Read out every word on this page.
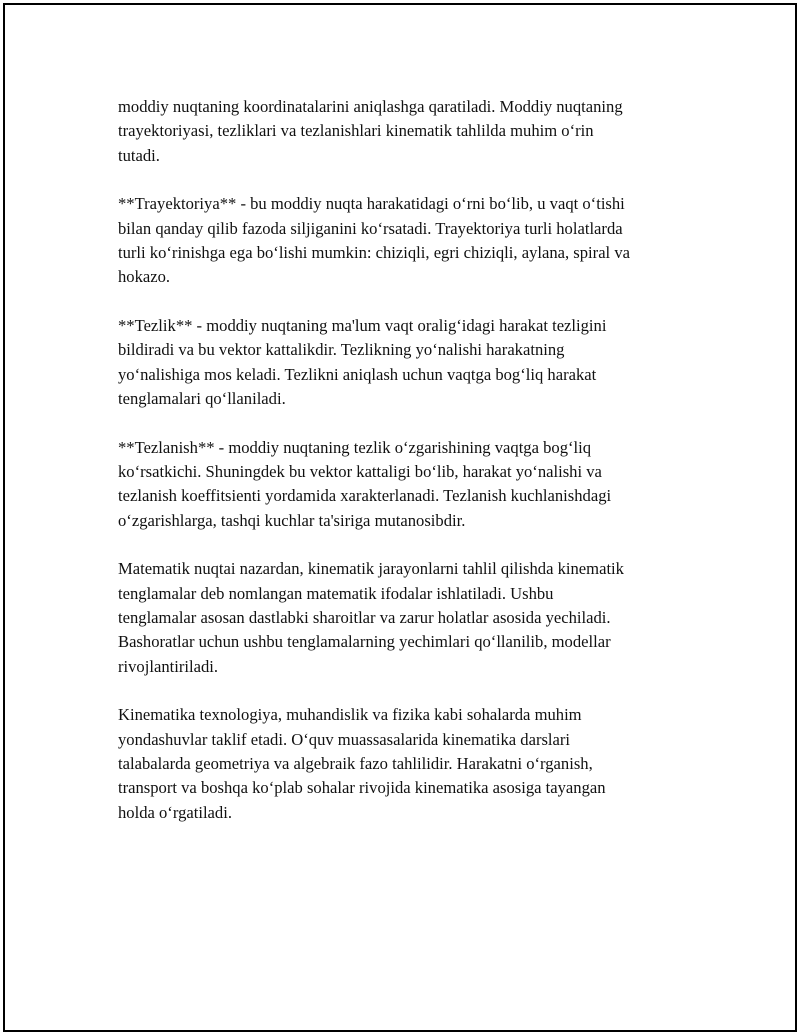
moddiy nuqtaning koordinatalarini aniqlashga qaratiladi. Moddiy nuqtaning
trayektoriyasi, tezliklari va tezlanishlari kinematik tahlilda muhim o‘rin
tutadi.

**Trayektoriya** - bu moddiy nuqta harakatidagi o‘rni bo‘lib, u vaqt o‘tishi
bilan qanday qilib fazoda siljiganini ko‘rsatadi. Trayektoriya turli holatlarda
turli ko‘rinishga ega bo‘lishi mumkin: chiziqli, egri chiziqli, aylana, spiral va
hokazo.

**Tezlik** - moddiy nuqtaning ma'lum vaqt oralig‘idagi harakat tezligini
bildiradi va bu vektor kattalikdir. Tezlikning yo‘nalishi harakatning
yo‘nalishiga mos keladi. Tezlikni aniqlash uchun vaqtga bog‘liq harakat
tenglamalari qo‘llaniladi.

**Tezlanish** - moddiy nuqtaning tezlik o‘zgarishining vaqtga bog‘liq
ko‘rsatkichi. Shuningdek bu vektor kattaligi bo‘lib, harakat yo‘nalishi va
tezlanish koeffitsienti yordamida xarakterlanadi. Tezlanish kuchlanishdagi
o‘zgarishlarga, tashqi kuchlar ta'siriga mutanosibdir.

Matematik nuqtai nazardan, kinematik jarayonlarni tahlil qilishda kinematik
tenglamalar deb nomlangan matematik ifodalar ishlatiladi. Ushbu
tenglamalar asosan dastlabki sharoitlar va zarur holatlar asosida yechiladi.
Bashoratlar uchun ushbu tenglamalarning yechimlari qo‘llanilib, modellar
rivojlantiriladi.

Kinematika texnologiya, muhandislik va fizika kabi sohalarda muhim
yondashuvlar taklif etadi. O‘quv muassasalarida kinematika darslari
talabalarda geometriya va algebraik fazo tahlilidir. Harakatni o‘rganish,
transport va boshqa ko‘plab sohalar rivojida kinematika asosiga tayangan
holda o‘rgatiladi.
